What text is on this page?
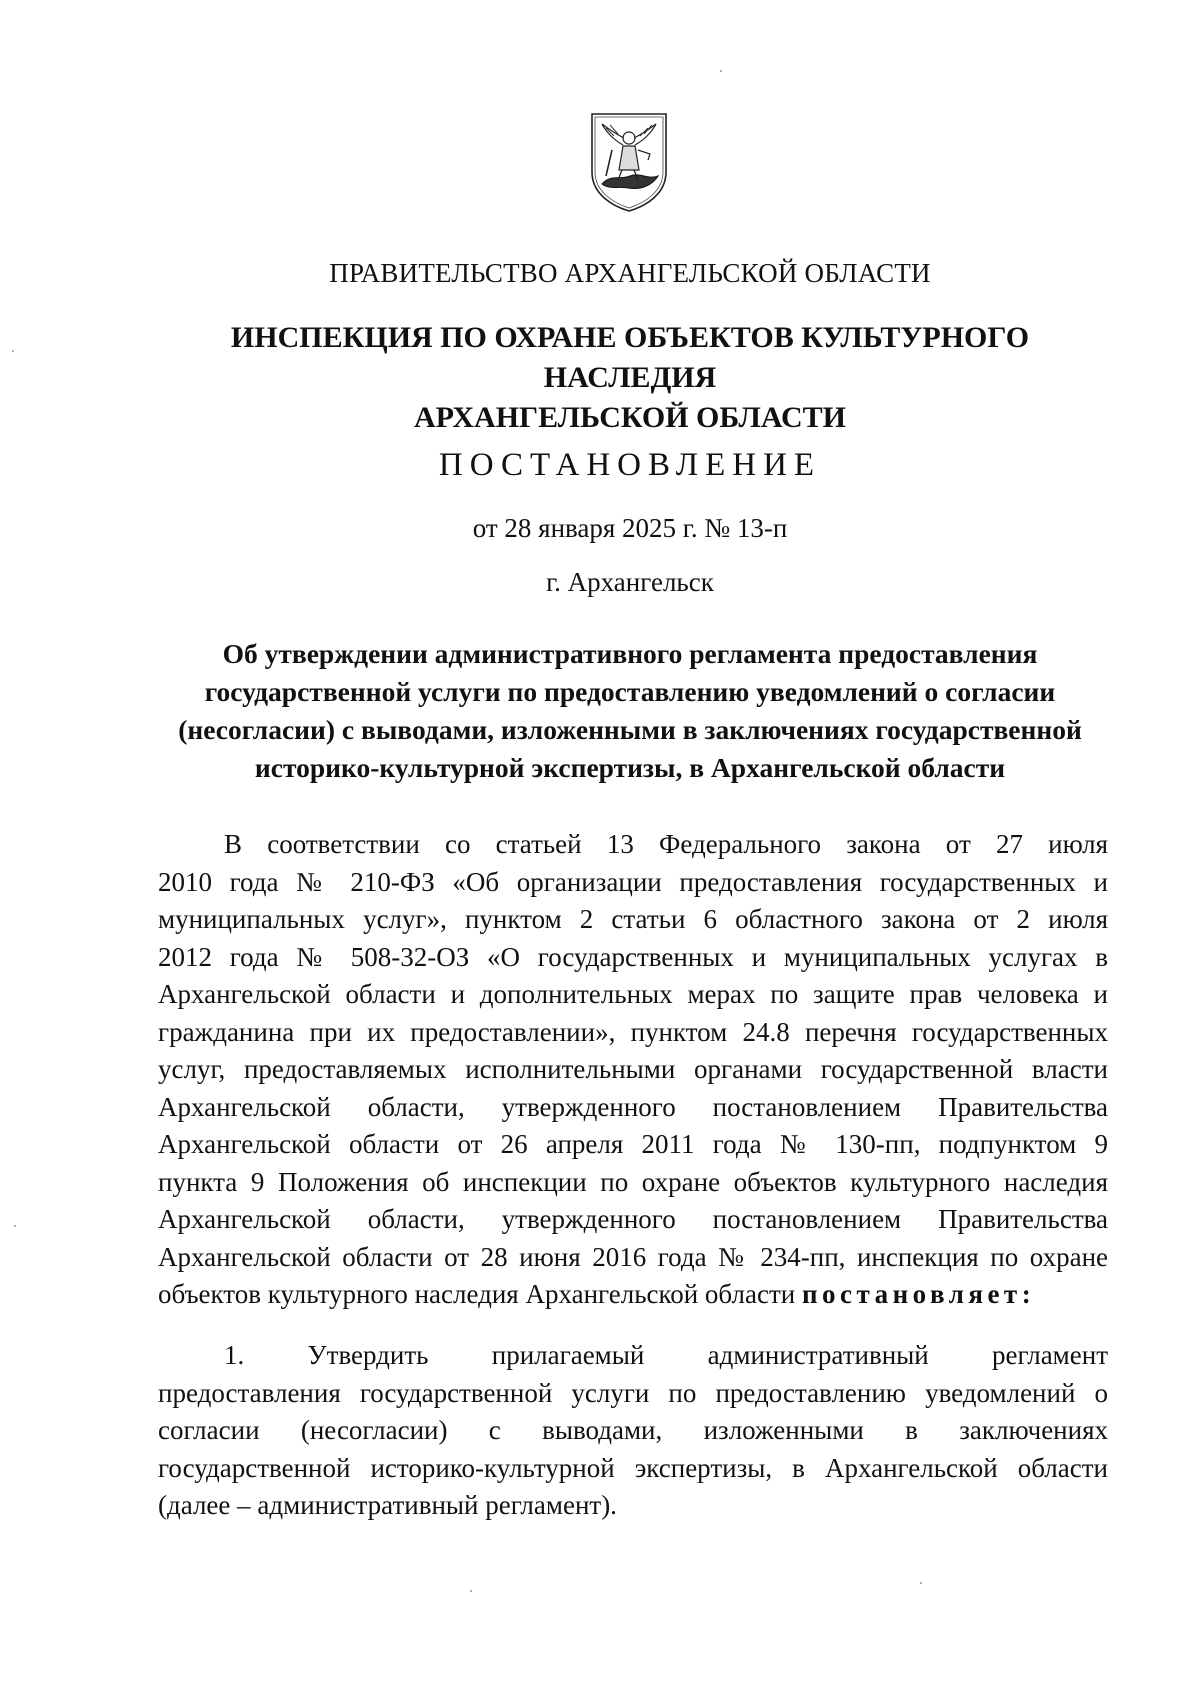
ПРАВИТЕЛЬСТВО АРХАНГЕЛЬСКОЙ ОБЛАСТИ

ИНСПЕКЦИЯ ПО ОХРАНЕ ОБЪЕКТОВ КУЛЬТУРНОГО НАСЛЕДИЯ
АРХАНГЕЛЬСКОЙ ОБЛАСТИ

ПОСТАНОВЛЕНИЕ

от 28 января 2025 г. № 13-п

г. Архангельск

Об утверждении административного регламента предоставления
государственной услуги по предоставлению уведомлений о согласии
(несогласии) с выводами, изложенными в заключениях государственной
историко-культурной экспертизы, в Архангельской области

В соответствии со статьей 13 Федерального закона от 27 июля
2010 года № 210-ФЗ «Об организации предоставления государственных и
муниципальных услуг», пунктом 2 статьи 6 областного закона от 2 июля
2012 года № 508-32-ОЗ «О государственных и муниципальных услугах в
Архангельской области и дополнительных мерах по защите прав человека и
гражданина при их предоставлении», пунктом 24.8 перечня государственных
услуг, предоставляемых исполнительными органами государственной власти
Архангельской области, утвержденного постановлением Правительства
Архангельской области от 26 апреля 2011 года № 130-пп, подпунктом 9
пункта 9 Положения об инспекции по охране объектов культурного наследия
Архангельской области, утвержденного постановлением Правительства
Архангельской области от 28 июня 2016 года № 234-пп, инспекция по охране
объектов культурного наследия Архангельской области постановляет:
1. Утвердить прилагаемый административный регламент
предоставления государственной услуги по предоставлению уведомлений о
согласии (несогласии) с выводами, изложенными в заключениях
государственной историко-культурной экспертизы, в Архангельской области
(далее – административный регламент).
